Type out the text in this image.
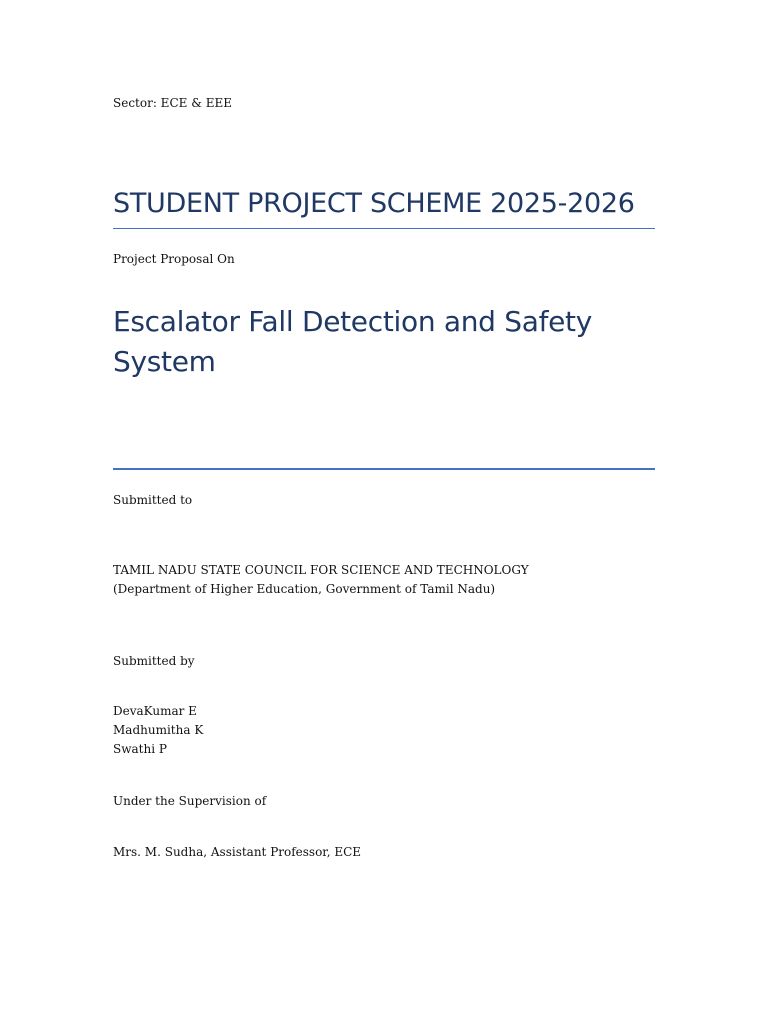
Sector: ECE & EEE

STUDENT PROJECT SCHEME 2025-2026

Project Proposal On

Escalator Fall Detection and Safety System

Submitted to

TAMIL NADU STATE COUNCIL FOR SCIENCE AND TECHNOLOGY
(Department of Higher Education, Government of Tamil Nadu)

Submitted by

DevaKumar E
Madhumitha K
Swathi P

Under the Supervision of

Mrs. M. Sudha, Assistant Professor, ECE
